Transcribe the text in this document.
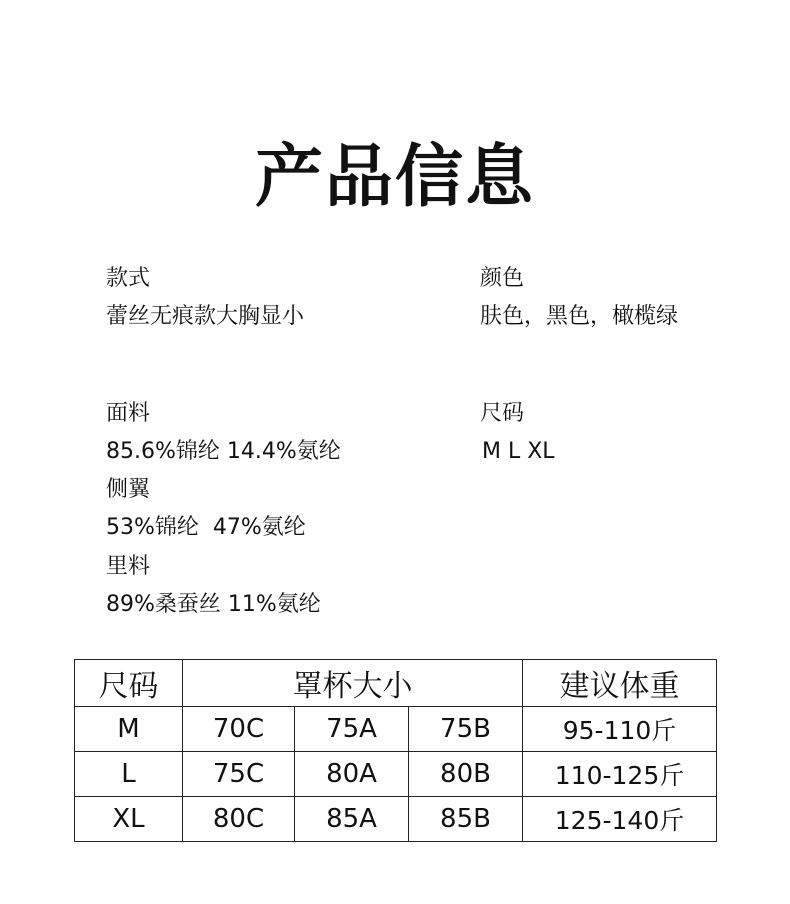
产品信息
款式
蕾丝无痕款大胸显小
面料
85.6%锦纶 14.4%氨纶
侧翼
53%锦纶  47%氨纶
里料
89%桑蚕丝 11%氨纶
颜色
肤色，黑色，橄榄绿
尺码
M L XL
尺码	罩杯大小			建议体重
M	70C	75A	75B	95-110斤
L	75C	80A	80B	110-125斤
XL	80C	85A	85B	125-140斤
